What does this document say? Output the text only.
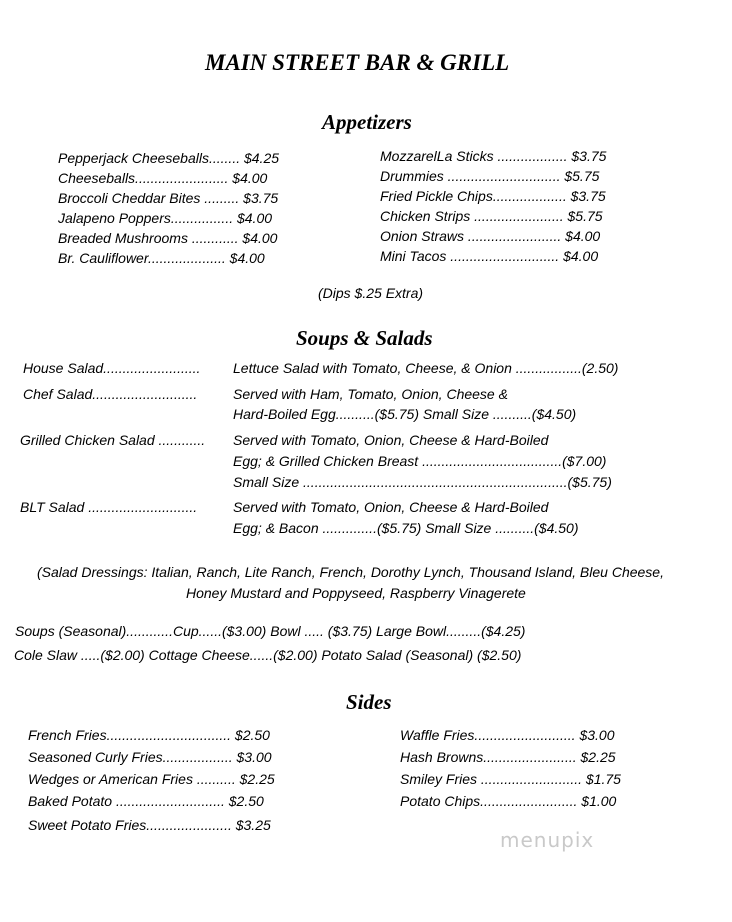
MAIN STREET BAR & GRILL
Appetizers
Pepperjack Cheeseballs........ $4.25
Cheeseballs........................ $4.00
Broccoli Cheddar Bites ......... $3.75
Jalapeno Poppers................ $4.00
Breaded Mushrooms ............ $4.00
Br. Cauliflower.................... $4.00
MozzarelLa Sticks .................. $3.75
Drummies ............................. $5.75
Fried Pickle Chips................... $3.75
Chicken Strips ....................... $5.75
Onion Straws ........................ $4.00
Mini Tacos ............................ $4.00
(Dips $.25 Extra)
Soups & Salads
House Salad......................... Lettuce Salad with Tomato, Cheese, & Onion .................(2.50)
Chef Salad...........................	Served with Ham, Tomato, Onion, Cheese &
Hard-Boiled Egg..........($5.75) Small Size ..........($4.50)
Grilled Chicken Salad ............ Served with Tomato, Onion, Cheese & Hard-Boiled
Egg; & Grilled Chicken Breast ....................................($7.00)
Small Size ....................................................................($5.75)
BLT Salad ............................	Served with Tomato, Onion, Cheese & Hard-Boiled
Egg; & Bacon ..............($5.75) Small Size ..........($4.50)
(Salad Dressings: Italian, Ranch, Lite Ranch, French, Dorothy Lynch, Thousand Island, Bleu Cheese,
Honey Mustard and Poppyseed, Raspberry Vinagerete
Soups (Seasonal)............Cup......($3.00) Bowl ..... ($3.75) Large Bowl.........($4.25)
Cole Slaw .....($2.00) Cottage Cheese......($2.00) Potato Salad (Seasonal) ($2.50)
Sides
French Fries................................ $2.50
Seasoned Curly Fries.................. $3.00
Wedges or American Fries .......... $2.25
Baked Potato ............................ $2.50
Sweet Potato Fries...................... $3.25
Waffle Fries.......................... $3.00
Hash Browns........................ $2.25
Smiley Fries .......................... $1.75
Potato Chips......................... $1.00
menupix
